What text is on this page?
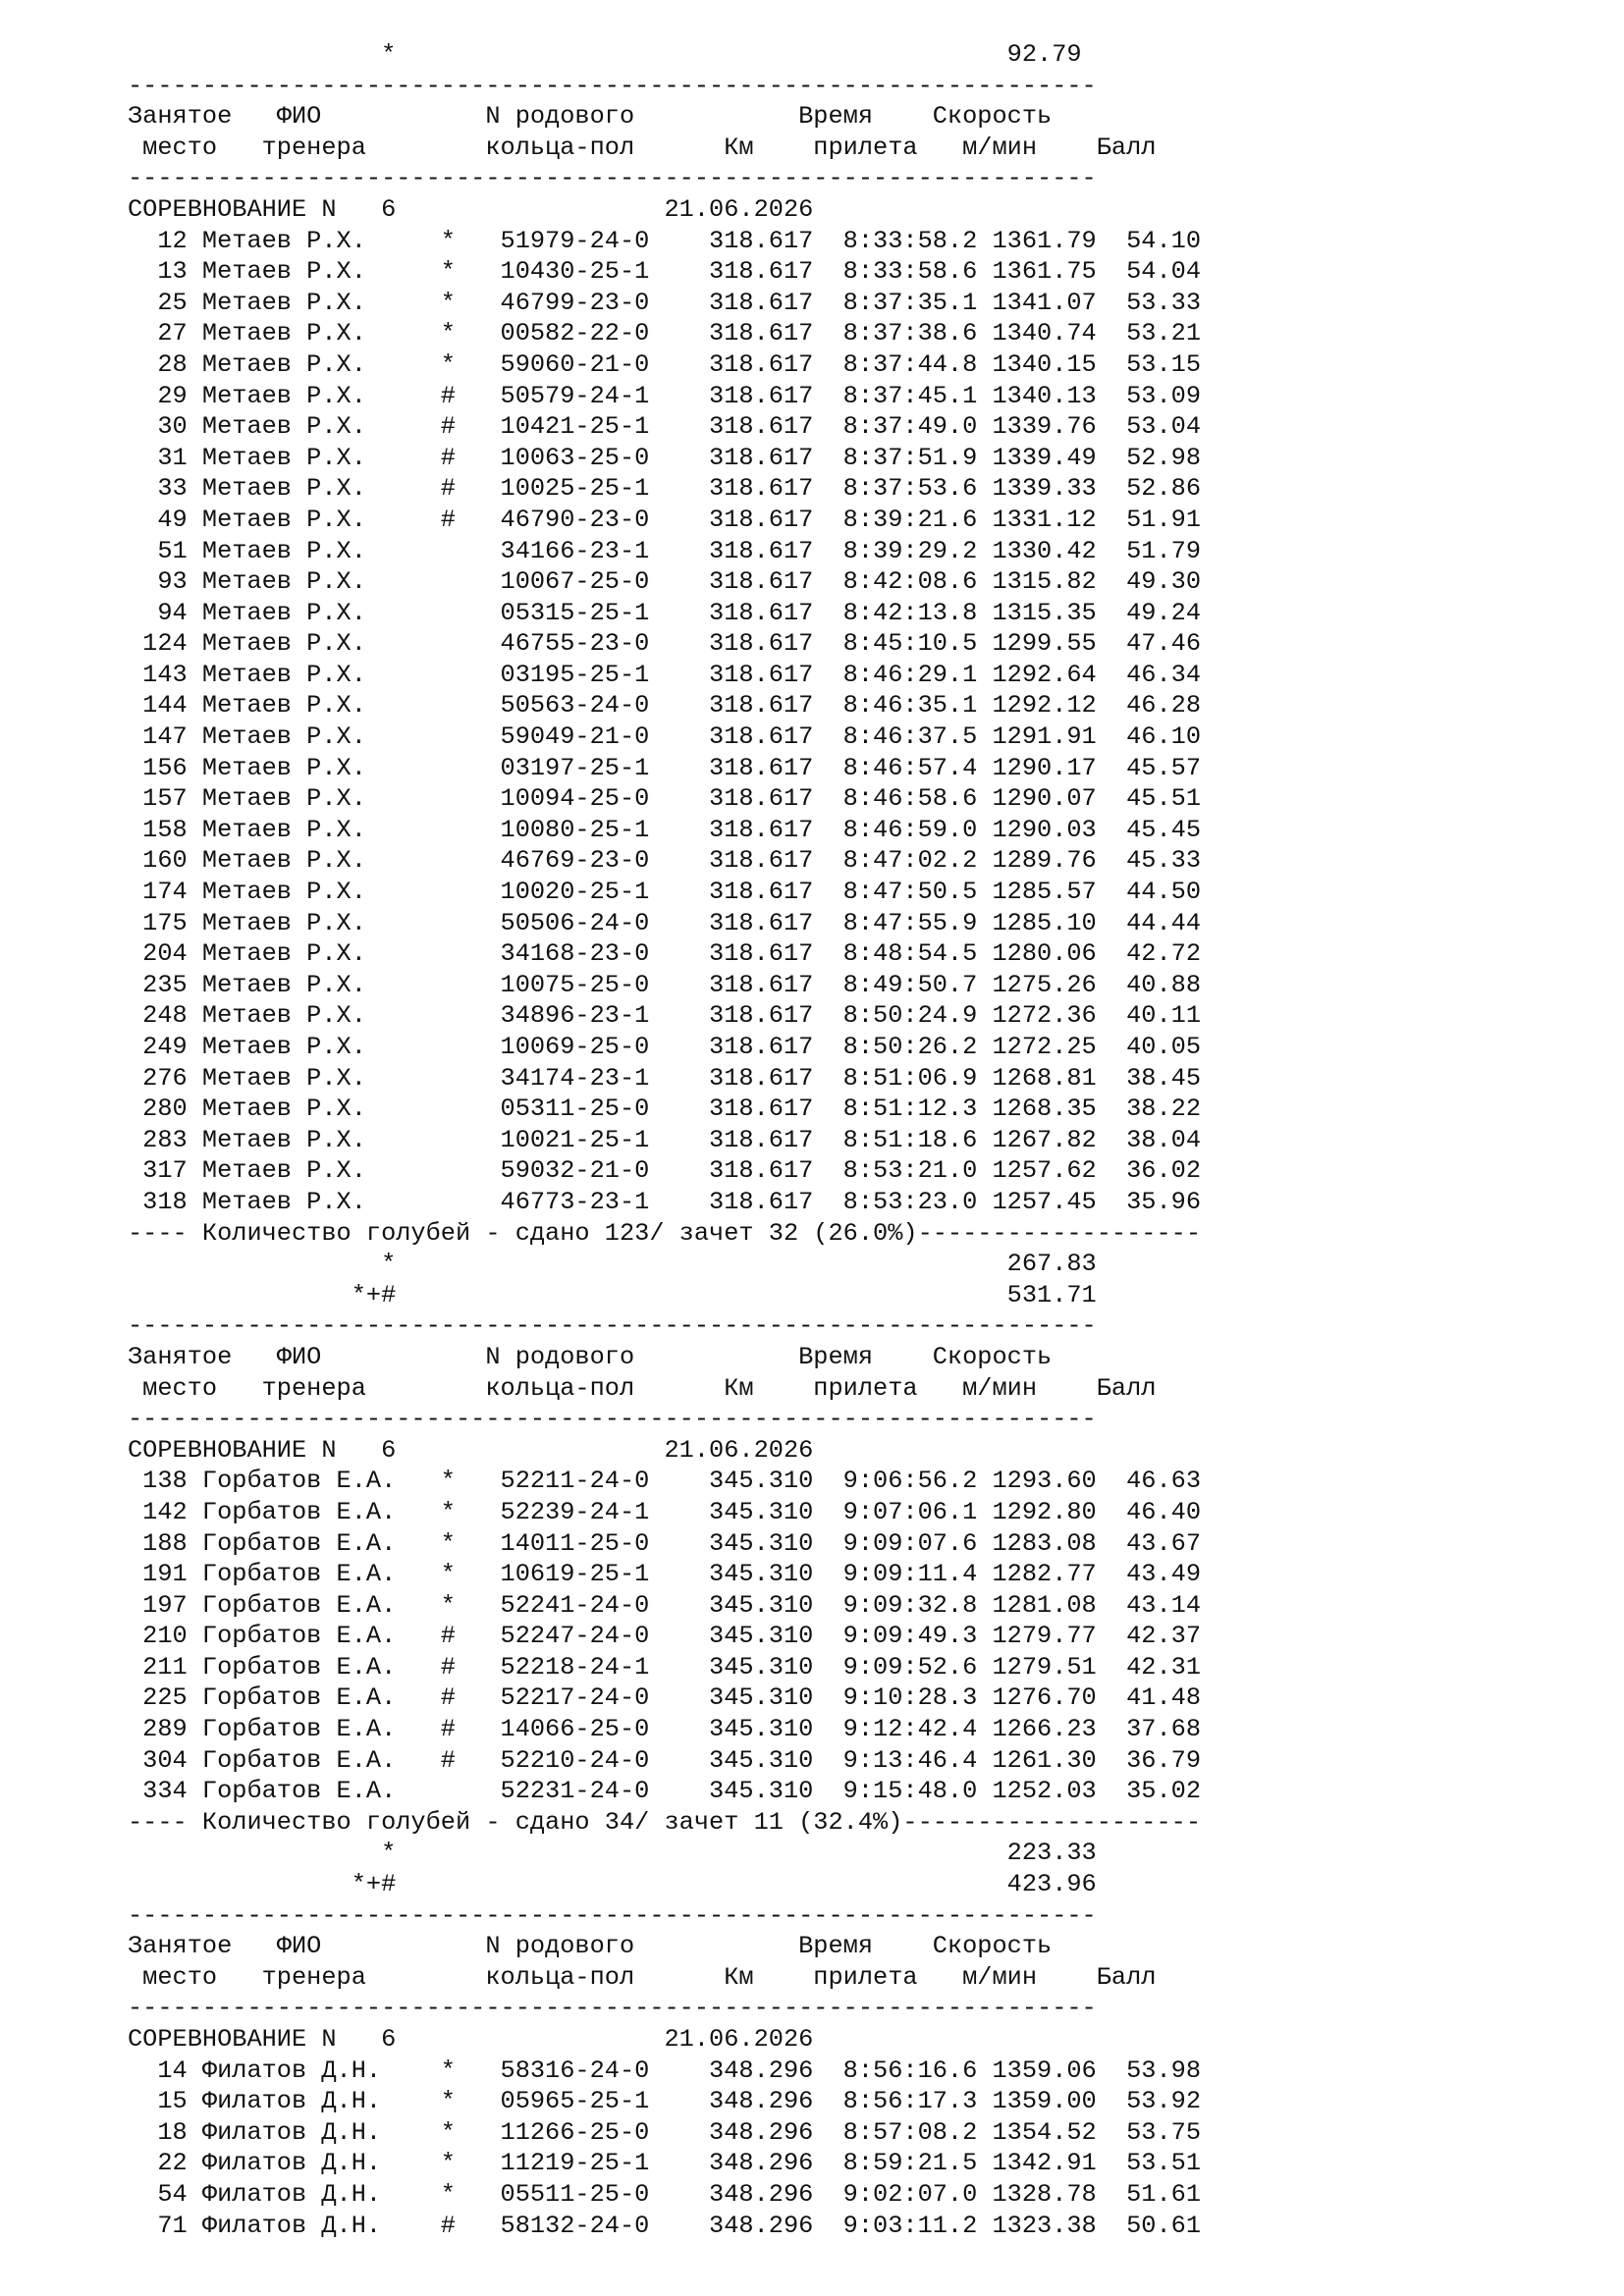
*                                         92.79
-----------------------------------------------------------------
Занятое   ФИО           N родового           Время    Скорость
место   тренера        кольца-пол      Км    прилета   м/мин    Балл
-----------------------------------------------------------------
СОРЕВНОВАНИЕ N   6                  21.06.2026
12 Метаев Р.Х.     *   51979-24-0    318.617  8:33:58.2 1361.79  54.10
13 Метаев Р.Х.     *   10430-25-1    318.617  8:33:58.6 1361.75  54.04
25 Метаев Р.Х.     *   46799-23-0    318.617  8:37:35.1 1341.07  53.33
27 Метаев Р.Х.     *   00582-22-0    318.617  8:37:38.6 1340.74  53.21
28 Метаев Р.Х.     *   59060-21-0    318.617  8:37:44.8 1340.15  53.15
29 Метаев Р.Х.     #   50579-24-1    318.617  8:37:45.1 1340.13  53.09
30 Метаев Р.Х.     #   10421-25-1    318.617  8:37:49.0 1339.76  53.04
31 Метаев Р.Х.     #   10063-25-0    318.617  8:37:51.9 1339.49  52.98
33 Метаев Р.Х.     #   10025-25-1    318.617  8:37:53.6 1339.33  52.86
49 Метаев Р.Х.     #   46790-23-0    318.617  8:39:21.6 1331.12  51.91
51 Метаев Р.Х.         34166-23-1    318.617  8:39:29.2 1330.42  51.79
93 Метаев Р.Х.         10067-25-0    318.617  8:42:08.6 1315.82  49.30
94 Метаев Р.Х.         05315-25-1    318.617  8:42:13.8 1315.35  49.24
124 Метаев Р.Х.         46755-23-0    318.617  8:45:10.5 1299.55  47.46
143 Метаев Р.Х.         03195-25-1    318.617  8:46:29.1 1292.64  46.34
144 Метаев Р.Х.         50563-24-0    318.617  8:46:35.1 1292.12  46.28
147 Метаев Р.Х.         59049-21-0    318.617  8:46:37.5 1291.91  46.10
156 Метаев Р.Х.         03197-25-1    318.617  8:46:57.4 1290.17  45.57
157 Метаев Р.Х.         10094-25-0    318.617  8:46:58.6 1290.07  45.51
158 Метаев Р.Х.         10080-25-1    318.617  8:46:59.0 1290.03  45.45
160 Метаев Р.Х.         46769-23-0    318.617  8:47:02.2 1289.76  45.33
174 Метаев Р.Х.         10020-25-1    318.617  8:47:50.5 1285.57  44.50
175 Метаев Р.Х.         50506-24-0    318.617  8:47:55.9 1285.10  44.44
204 Метаев Р.Х.         34168-23-0    318.617  8:48:54.5 1280.06  42.72
235 Метаев Р.Х.         10075-25-0    318.617  8:49:50.7 1275.26  40.88
248 Метаев Р.Х.         34896-23-1    318.617  8:50:24.9 1272.36  40.11
249 Метаев Р.Х.         10069-25-0    318.617  8:50:26.2 1272.25  40.05
276 Метаев Р.Х.         34174-23-1    318.617  8:51:06.9 1268.81  38.45
280 Метаев Р.Х.         05311-25-0    318.617  8:51:12.3 1268.35  38.22
283 Метаев Р.Х.         10021-25-1    318.617  8:51:18.6 1267.82  38.04
317 Метаев Р.Х.         59032-21-0    318.617  8:53:21.0 1257.62  36.02
318 Метаев Р.Х.         46773-23-1    318.617  8:53:23.0 1257.45  35.96
---- Количество голубей - сдано 123/ зачет 32 (26.0%)-------------------
*                                         267.83
*+#                                         531.71
-----------------------------------------------------------------
Занятое   ФИО           N родового           Время    Скорость
место   тренера        кольца-пол      Км    прилета   м/мин    Балл
-----------------------------------------------------------------
СОРЕВНОВАНИЕ N   6                  21.06.2026
138 Горбатов Е.А.   *   52211-24-0    345.310  9:06:56.2 1293.60  46.63
142 Горбатов Е.А.   *   52239-24-1    345.310  9:07:06.1 1292.80  46.40
188 Горбатов Е.А.   *   14011-25-0    345.310  9:09:07.6 1283.08  43.67
191 Горбатов Е.А.   *   10619-25-1    345.310  9:09:11.4 1282.77  43.49
197 Горбатов Е.А.   *   52241-24-0    345.310  9:09:32.8 1281.08  43.14
210 Горбатов Е.А.   #   52247-24-0    345.310  9:09:49.3 1279.77  42.37
211 Горбатов Е.А.   #   52218-24-1    345.310  9:09:52.6 1279.51  42.31
225 Горбатов Е.А.   #   52217-24-0    345.310  9:10:28.3 1276.70  41.48
289 Горбатов Е.А.   #   14066-25-0    345.310  9:12:42.4 1266.23  37.68
304 Горбатов Е.А.   #   52210-24-0    345.310  9:13:46.4 1261.30  36.79
334 Горбатов Е.А.       52231-24-0    345.310  9:15:48.0 1252.03  35.02
---- Количество голубей - сдано 34/ зачет 11 (32.4%)--------------------
*                                         223.33
*+#                                         423.96
-----------------------------------------------------------------
Занятое   ФИО           N родового           Время    Скорость
место   тренера        кольца-пол      Км    прилета   м/мин    Балл
-----------------------------------------------------------------
СОРЕВНОВАНИЕ N   6                  21.06.2026
14 Филатов Д.Н.    *   58316-24-0    348.296  8:56:16.6 1359.06  53.98
15 Филатов Д.Н.    *   05965-25-1    348.296  8:56:17.3 1359.00  53.92
18 Филатов Д.Н.    *   11266-25-0    348.296  8:57:08.2 1354.52  53.75
22 Филатов Д.Н.    *   11219-25-1    348.296  8:59:21.5 1342.91  53.51
54 Филатов Д.Н.    *   05511-25-0    348.296  9:02:07.0 1328.78  51.61
71 Филатов Д.Н.    #   58132-24-0    348.296  9:03:11.2 1323.38  50.61
